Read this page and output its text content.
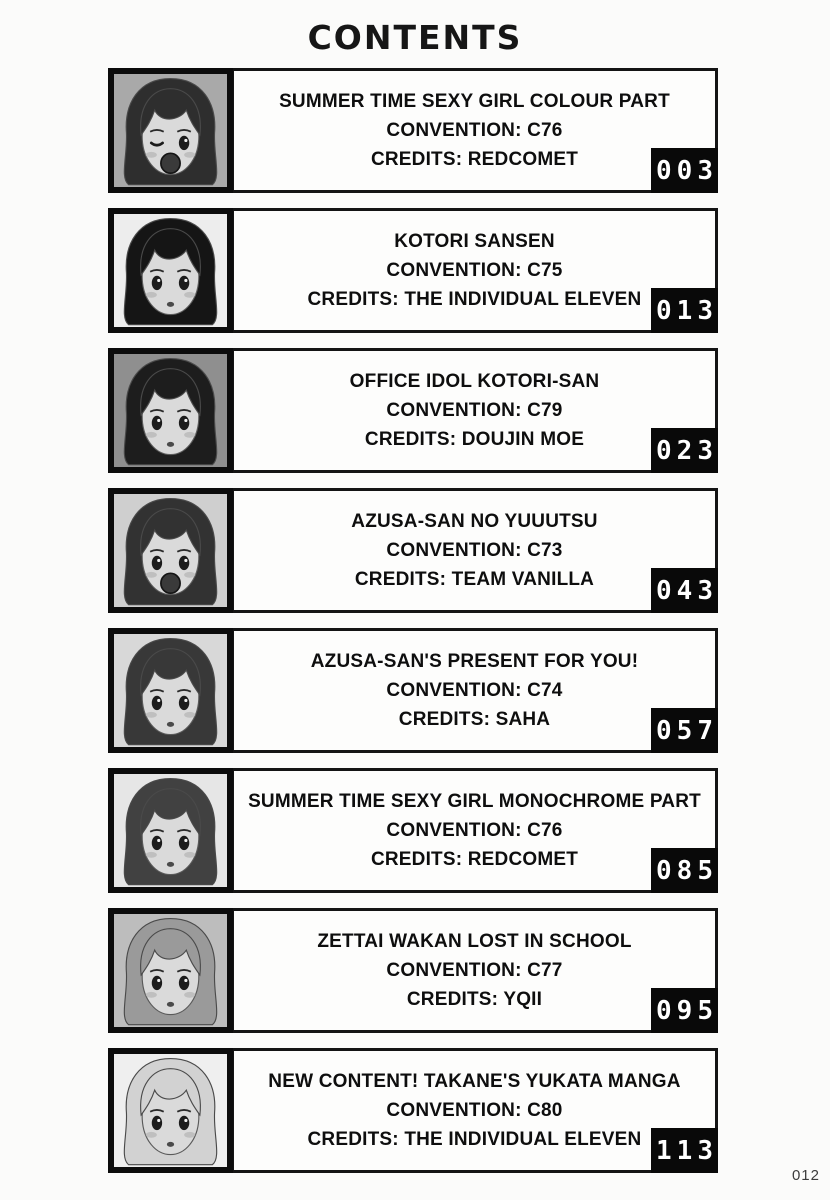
CONTENTS
SUMMER TIME SEXY GIRL COLOUR PART
CONVENTION: C76
CREDITS: REDCOMET	003
KOTORI SANSEN
CONVENTION: C75
CREDITS: THE INDIVIDUAL ELEVEN 013
OFFICE IDOL KOTORI-SAN
CONVENTION: C79
CREDITS: DOUJIN MOE	023
AZUSA-SAN NO YUUUTSU
CONVENTION: C73
CREDITS: TEAM VANILLA 043
AZUSA-SAN'S PRESENT FOR YOU!
CONVENTION: C74
CREDITS: SAHA	057
SUMMER TIME SEXY GIRL MONOCHROME PART
CONVENTION: C76
CREDITS: REDCOMET	085
ZETTAI WAKAN LOST IN SCHOOL
CONVENTION: C77
CREDITS: YQII	095
NEW CONTENT! TAKANE'S YUKATA MANGA
CONVENTION: C80
CREDITS: THE INDIVIDUAL ELEVEN 113
012
